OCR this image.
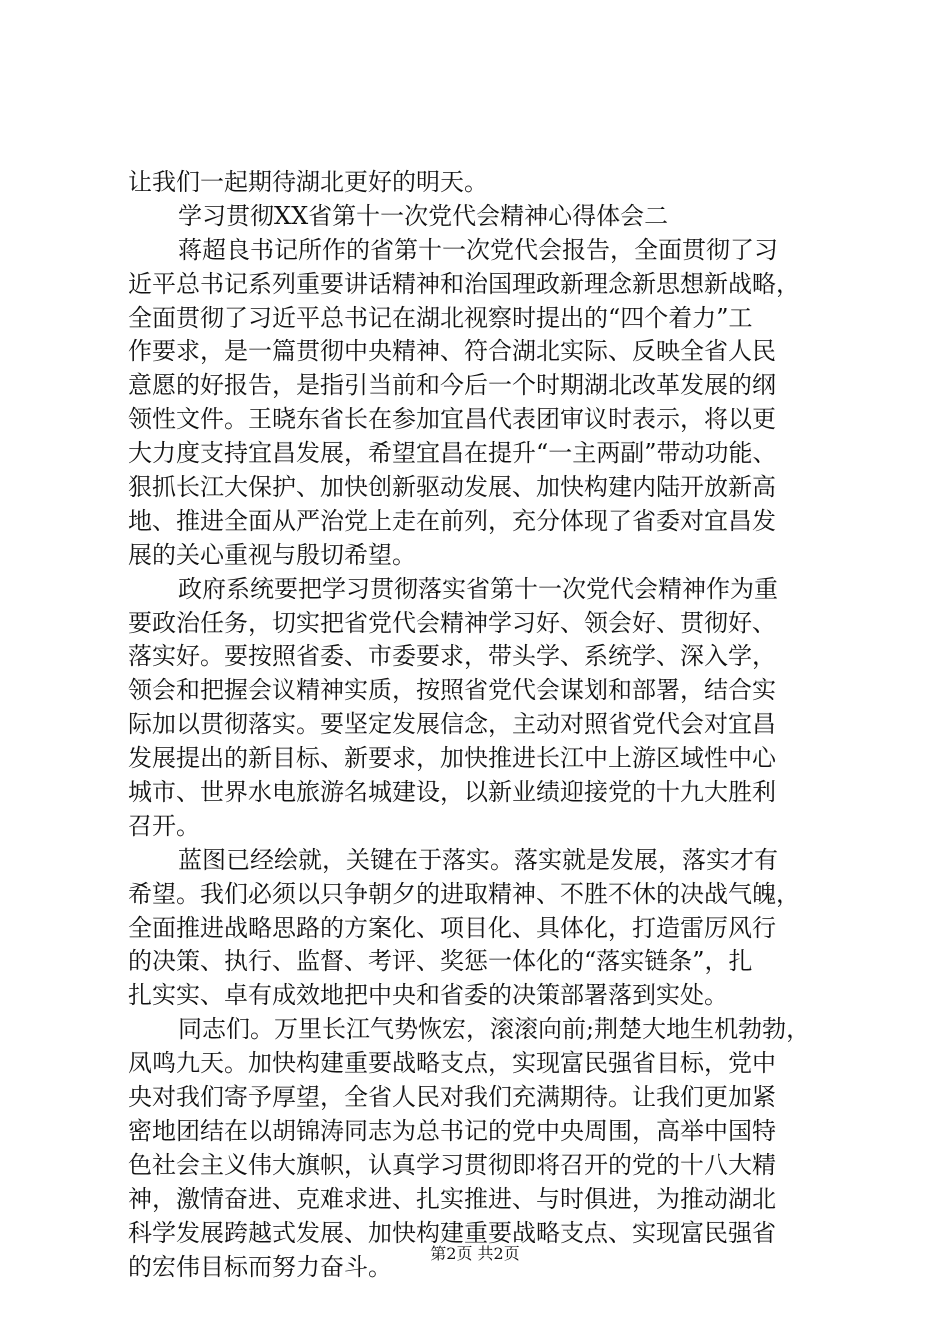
让我们一起期待湖北更好的明天。
学习贯彻XX省第十一次党代会精神心得体会二
蒋超良书记所作的省第十一次党代会报告，全面贯彻了习
近平总书记系列重要讲话精神和治国理政新理念新思想新战略，
全面贯彻了习近平总书记在湖北视察时提出的“四个着力”工
作要求，是一篇贯彻中央精神、符合湖北实际、反映全省人民
意愿的好报告，是指引当前和今后一个时期湖北改革发展的纲
领性文件。王晓东省长在参加宜昌代表团审议时表示，将以更
大力度支持宜昌发展，希望宜昌在提升“一主两副”带动功能、
狠抓长江大保护、加快创新驱动发展、加快构建内陆开放新高
地、推进全面从严治党上走在前列，充分体现了省委对宜昌发
展的关心重视与殷切希望。
政府系统要把学习贯彻落实省第十一次党代会精神作为重
要政治任务，切实把省党代会精神学习好、领会好、贯彻好、
落实好。要按照省委、市委要求，带头学、系统学、深入学，
领会和把握会议精神实质，按照省党代会谋划和部署，结合实
际加以贯彻落实。要坚定发展信念，主动对照省党代会对宜昌
发展提出的新目标、新要求，加快推进长江中上游区域性中心
城市、世界水电旅游名城建设，以新业绩迎接党的十九大胜利
召开。
蓝图已经绘就，关键在于落实。落实就是发展，落实才有
希望。我们必须以只争朝夕的进取精神、不胜不休的决战气魄，
全面推进战略思路的方案化、项目化、具体化，打造雷厉风行
的决策、执行、监督、考评、奖惩一体化的“落实链条”，扎
扎实实、卓有成效地把中央和省委的决策部署落到实处。
同志们。万里长江气势恢宏，滚滚向前;荆楚大地生机勃勃，
凤鸣九天。加快构建重要战略支点，实现富民强省目标，党中
央对我们寄予厚望，全省人民对我们充满期待。让我们更加紧
密地团结在以胡锦涛同志为总书记的党中央周围，高举中国特
色社会主义伟大旗帜，认真学习贯彻即将召开的党的十八大精
神，激情奋进、克难求进、扎实推进、与时俱进，为推动湖北
科学发展跨越式发展、加快构建重要战略支点、实现富民强省
的宏伟目标而努力奋斗。	第2页 共2页
